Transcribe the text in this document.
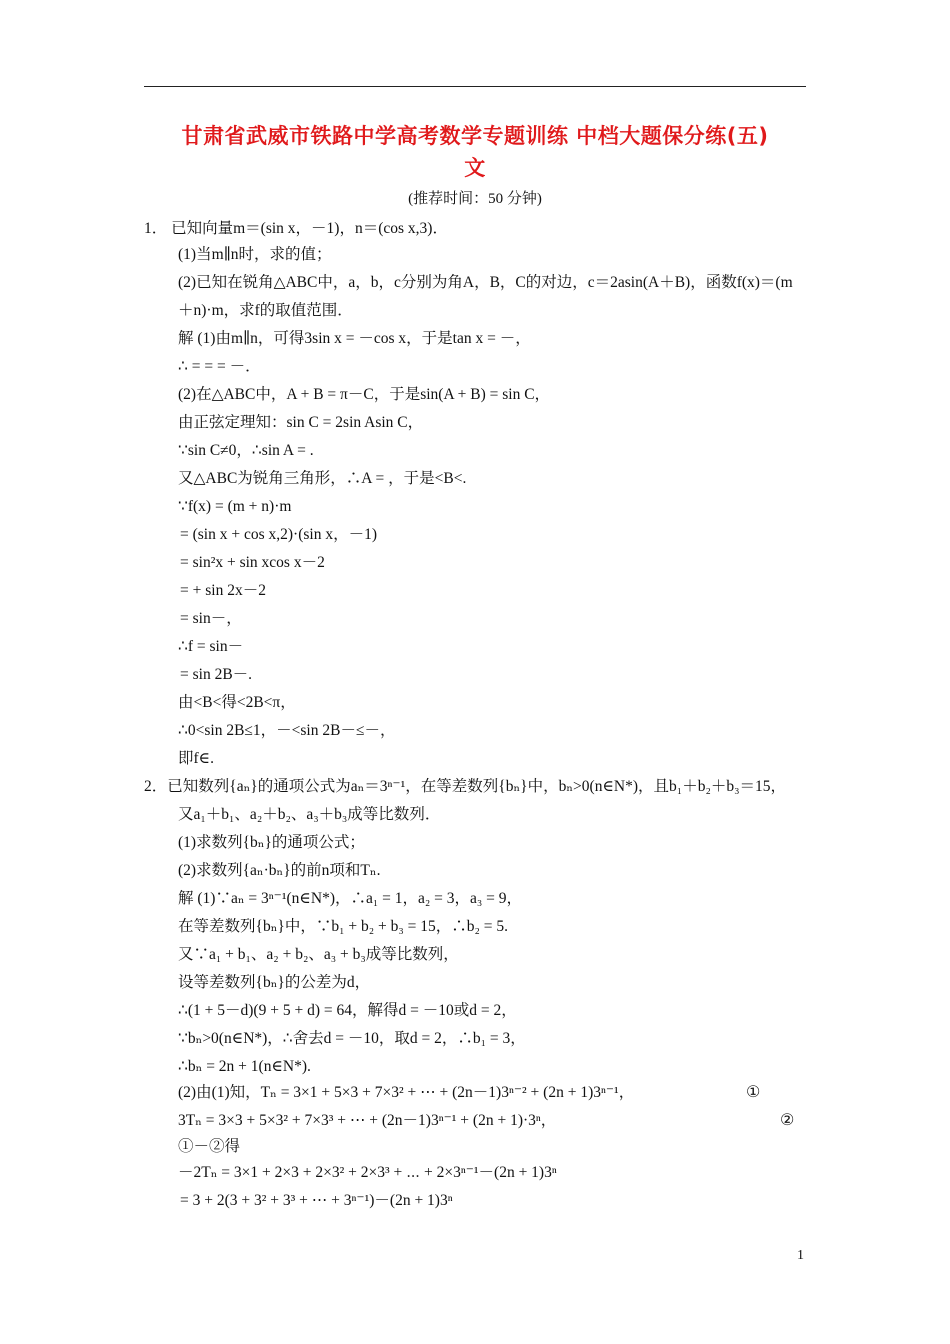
甘肃省武威市铁路中学高考数学专题训练 中档大题保分练(五)
文
(推荐时间：50 分钟)
1． 已知向量m＝(sin x，－1)，n＝(cos x,3)．
(1)当m∥n时，求的值；
(2)已知在锐角△ABC中，a，b，c分别为角A，B，C的对边，c＝2asin(A＋B)，函数f(x)＝(m
＋n)·m，求f的取值范围．
解 (1)由m∥n，可得3sin x = －cos x，于是tan x = －，
∴ = = = －．
(2)在△ABC中，A + B = π－C，于是sin(A + B) = sin C，
由正弦定理知：sin C = 2sin Asin C，
∵sin C≠0，∴sin A = .
又△ABC为锐角三角形，∴A = ，于是<B<.
∵f(x) = (m + n)·m
= (sin x + cos x,2)·(sin x，－1)
= sin²x + sin xcos x－2
= + sin 2x－2
= sin－，
∴f = sin－
= sin 2B－.
由<B<得<2B<π，
∴0<sin 2B≤1，－<sin 2B－≤－，
即f∈.
2．已知数列{aₙ}的通项公式为aₙ＝3ⁿ⁻¹，在等差数列{bₙ}中，bₙ>0(n∈N*)，且b₁＋b₂＋b₃＝15，
又a₁＋b₁、a₂＋b₂、a₃＋b₃成等比数列．
(1)求数列{bₙ}的通项公式；
(2)求数列{aₙ·bₙ}的前n项和Tₙ.
解 (1)∵aₙ = 3ⁿ⁻¹(n∈N*)，∴a₁ = 1，a₂ = 3，a₃ = 9，
在等差数列{bₙ}中，∵b₁ + b₂ + b₃ = 15，∴b₂ = 5.
又∵a₁ + b₁、a₂ + b₂、a₃ + b₃成等比数列，
设等差数列{bₙ}的公差为d，
∴(1 + 5－d)(9 + 5 + d) = 64，解得d = －10或d = 2，
∵bₙ>0(n∈N*)，∴舍去d = －10，取d = 2，∴b₁ = 3，
∴bₙ = 2n + 1(n∈N*).
(2)由(1)知，Tₙ = 3×1 + 5×3 + 7×3² + ⋯ + (2n－1)3ⁿ⁻² + (2n + 1)3ⁿ⁻¹，	①
3Tₙ = 3×3 + 5×3² + 7×3³ + ⋯ + (2n－1)3ⁿ⁻¹ + (2n + 1)·3ⁿ，	②
①－②得
－2Tₙ = 3×1 + 2×3 + 2×3² + 2×3³ + ⋯ + 2×3ⁿ⁻¹－(2n + 1)3ⁿ
= 3 + 2(3 + 3² + 3³ + ⋯ + 3ⁿ⁻¹)－(2n + 1)3ⁿ
1
